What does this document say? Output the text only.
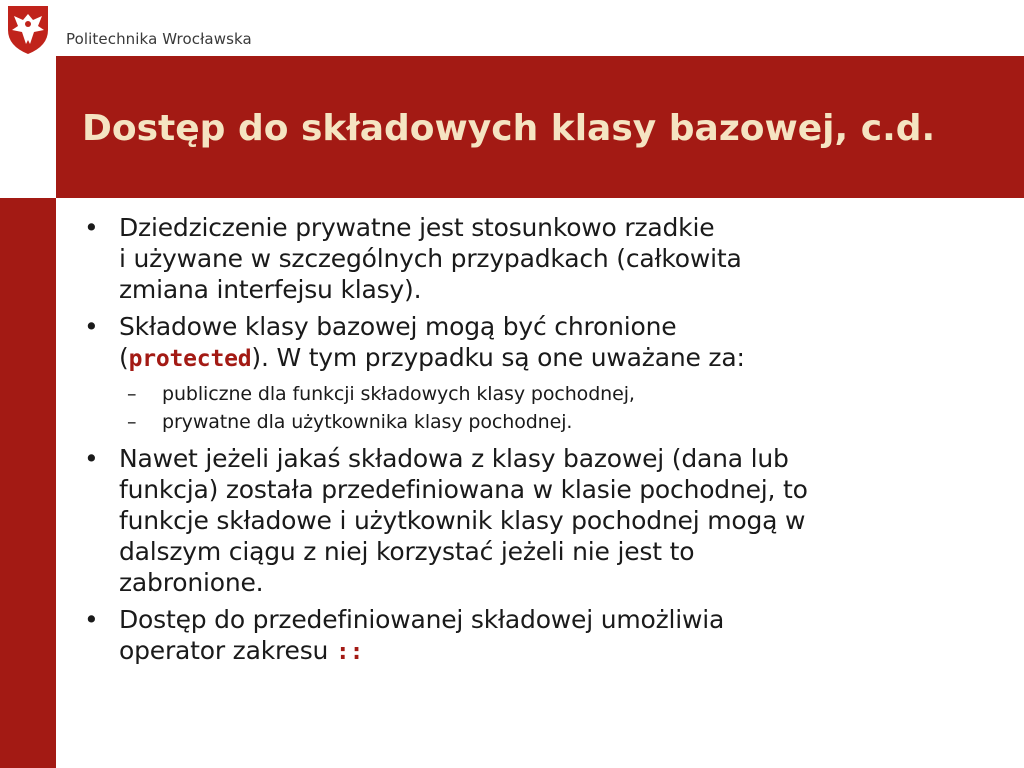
Politechnika Wrocławska
Dostęp do składowych klasy bazowej, c.d.
• Dziedziczenie prywatne jest stosunkowo rzadkie
i używane w szczególnych przypadkach (całkowita
zmiana interfejsu klasy).
• Składowe klasy bazowej mogą być chronione
(protected). W tym przypadku są one uważane za:
– publiczne dla funkcji składowych klasy pochodnej,
– prywatne dla użytkownika klasy pochodnej.
• Nawet jeżeli jakaś składowa z klasy bazowej (dana lub
funkcja) została przedefiniowana w klasie pochodnej, to
funkcje składowe i użytkownik klasy pochodnej mogą w
dalszym ciągu z niej korzystać jeżeli nie jest to
zabronione.
• Dostęp do przedefiniowanej składowej umożliwia
operator zakresu ::
